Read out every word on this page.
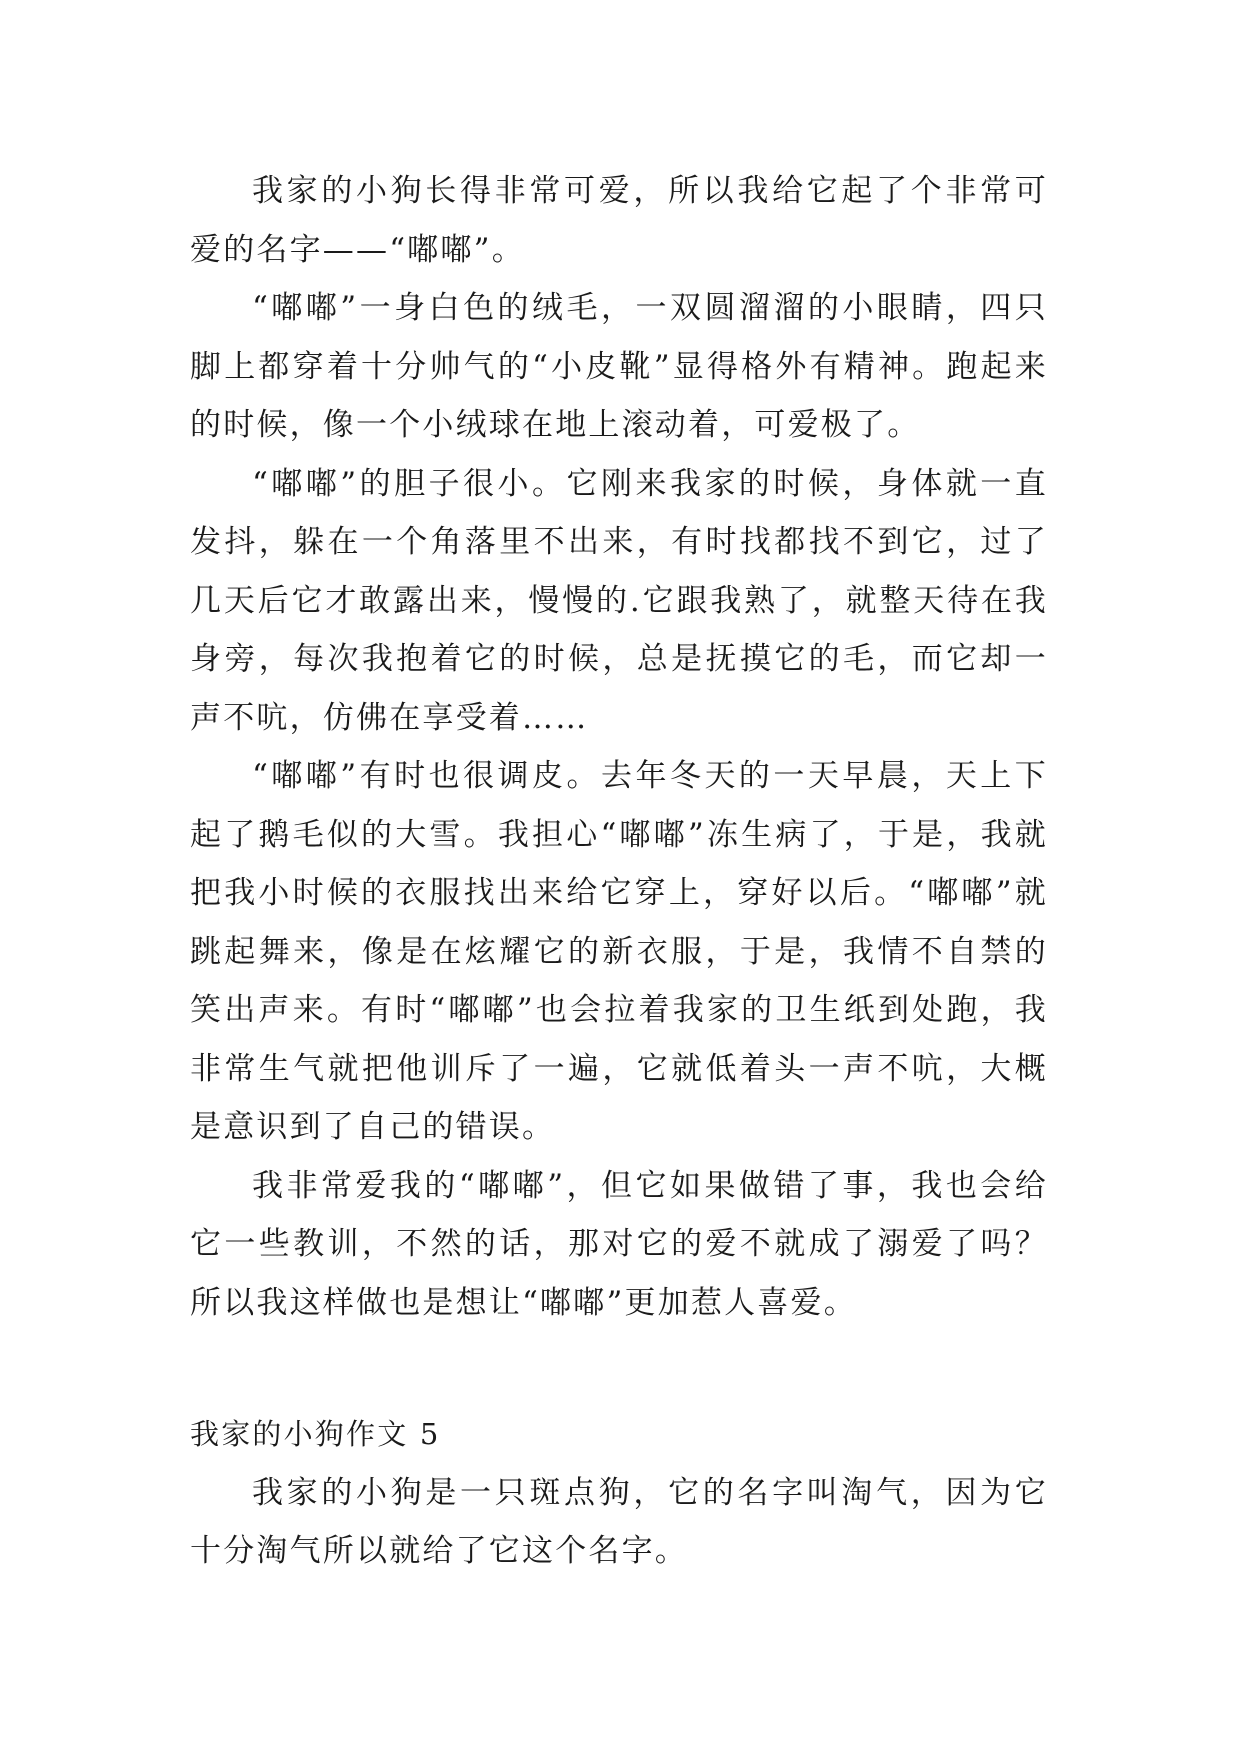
我家的小狗长得非常可爱，所以我给它起了个非常可爱的名字——“嘟嘟”。

“嘟嘟”一身白色的绒毛，一双圆溜溜的小眼睛，四只脚上都穿着十分帅气的“小皮靴”显得格外有精神。跑起来的时候，像一个小绒球在地上滚动着，可爱极了。

“嘟嘟”的胆子很小。它刚来我家的时候，身体就一直发抖，躲在一个角落里不出来，有时找都找不到它，过了几天后它才敢露出来，慢慢的.它跟我熟了，就整天待在我身旁，每次我抱着它的时候，总是抚摸它的毛，而它却一声不吭，仿佛在享受着……

“嘟嘟”有时也很调皮。去年冬天的一天早晨，天上下起了鹅毛似的大雪。我担心“嘟嘟”冻生病了，于是，我就把我小时候的衣服找出来给它穿上，穿好以后。“嘟嘟”就跳起舞来，像是在炫耀它的新衣服，于是，我情不自禁的笑出声来。有时“嘟嘟”也会拉着我家的卫生纸到处跑，我非常生气就把他训斥了一遍，它就低着头一声不吭，大概是意识到了自己的错误。

我非常爱我的“嘟嘟”，但它如果做错了事，我也会给它一些教训，不然的话，那对它的爱不就成了溺爱了吗？所以我这样做也是想让“嘟嘟”更加惹人喜爱。

我家的小狗作文 5

我家的小狗是一只斑点狗，它的名字叫淘气，因为它十分淘气所以就给了它这个名字。
